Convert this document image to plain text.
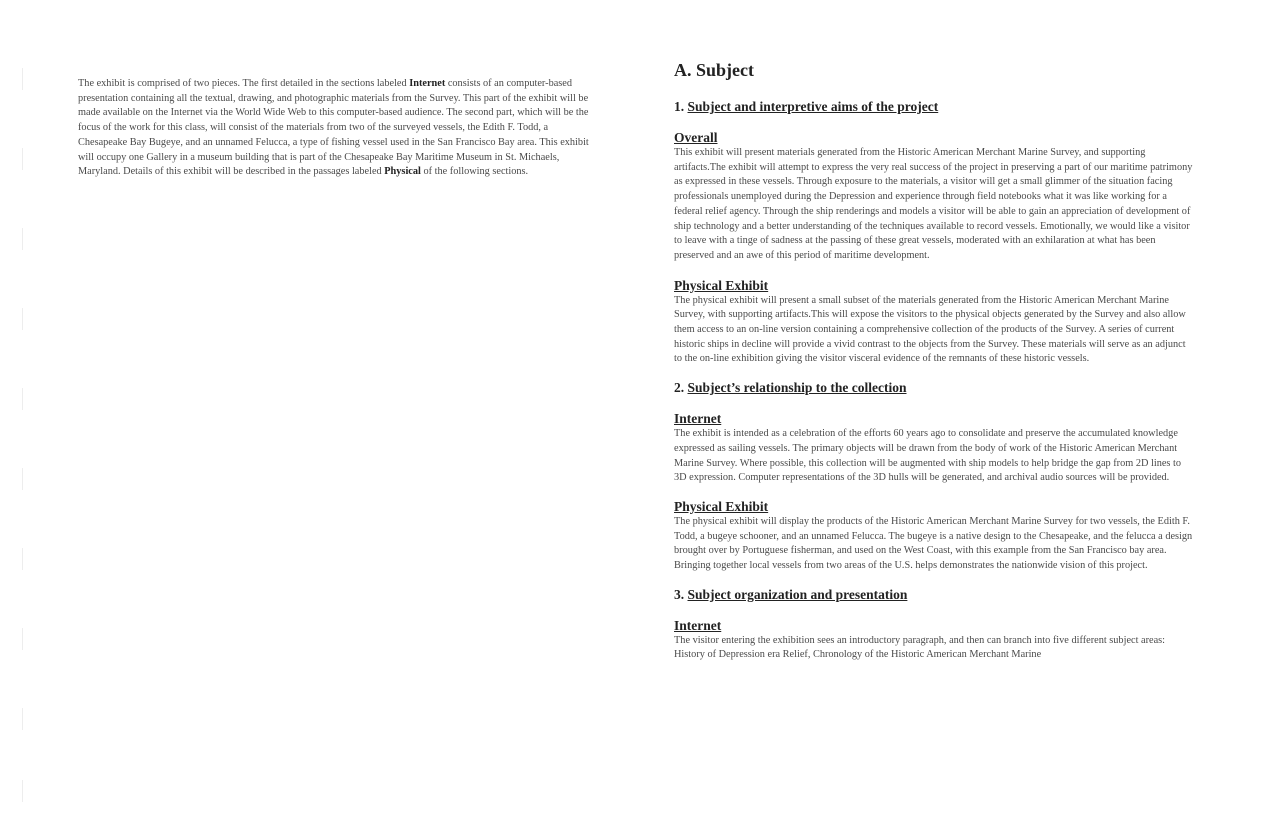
The exhibit is comprised of two pieces. The first detailed in the sections labeled Internet consists of an computer-based presentation containing all the textual, drawing, and photographic materials from the Survey. This part of the exhibit will be made available on the Internet via the World Wide Web to this computer-based audience. The second part, which will be the focus of the work for this class, will consist of the materials from two of the surveyed vessels, the Edith F. Todd, a Chesapeake Bay Bugeye, and an unnamed Felucca, a type of fishing vessel used in the San Francisco Bay area. This exhibit will occupy one Gallery in a museum building that is part of the Chesapeake Bay Maritime Museum in St. Michaels, Maryland. Details of this exhibit will be described in the passages labeled Physical of the following sections.

A. Subject
1. Subject and interpretive aims of the project
Overall

This exhibit will present materials generated from the Historic American Merchant Marine Survey, and supporting artifacts.The exhibit will attempt to express the very real success of the project in preserving a part of our maritime patrimony as expressed in these vessels. Through exposure to the materials, a visitor will get a small glimmer of the situation facing professionals unemployed during the Depression and experience through field notebooks what it was like working for a federal relief agency. Through the ship renderings and models a visitor will be able to gain an appreciation of development of ship technology and a better understanding of the techniques available to record vessels. Emotionally, we would like a visitor to leave with a tinge of sadness at the passing of these great vessels, moderated with an exhilaration at what has been preserved and an awe of this period of maritime development.

Physical Exhibit

The physical exhibit will present a small subset of the materials generated from the Historic American Merchant Marine Survey, with supporting artifacts.This will expose the visitors to the physical objects generated by the Survey and also allow them access to an on-line version containing a comprehensive collection of the products of the Survey. A series of current historic ships in decline will provide a vivid contrast to the objects from the Survey. These materials will serve as an adjunct to the on-line exhibition giving the visitor visceral evidence of the remnants of these historic vessels.

2. Subject’s relationship to the collection
Internet

The exhibit is intended as a celebration of the efforts 60 years ago to consolidate and preserve the accumulated knowledge expressed as sailing vessels. The primary objects will be drawn from the body of work of the Historic American Merchant Marine Survey. Where possible, this collection will be augmented with ship models to help bridge the gap from 2D lines to 3D expression. Computer representations of the 3D hulls will be generated, and archival audio sources will be provided.

Physical Exhibit

The physical exhibit will display the products of the Historic American Merchant Marine Survey for two vessels, the Edith F. Todd, a bugeye schooner, and an unnamed Felucca. The bugeye is a native design to the Chesapeake, and the felucca a design brought over by Portuguese fisherman, and used on the West Coast, with this example from the San Francisco bay area. Bringing together local vessels from two areas of the U.S. helps demonstrates the nationwide vision of this project.

3. Subject organization and presentation
Internet

The visitor entering the exhibition sees an introductory paragraph, and then can branch into five different subject areas: History of Depression era Relief, Chronology of the Historic American Merchant Marine
